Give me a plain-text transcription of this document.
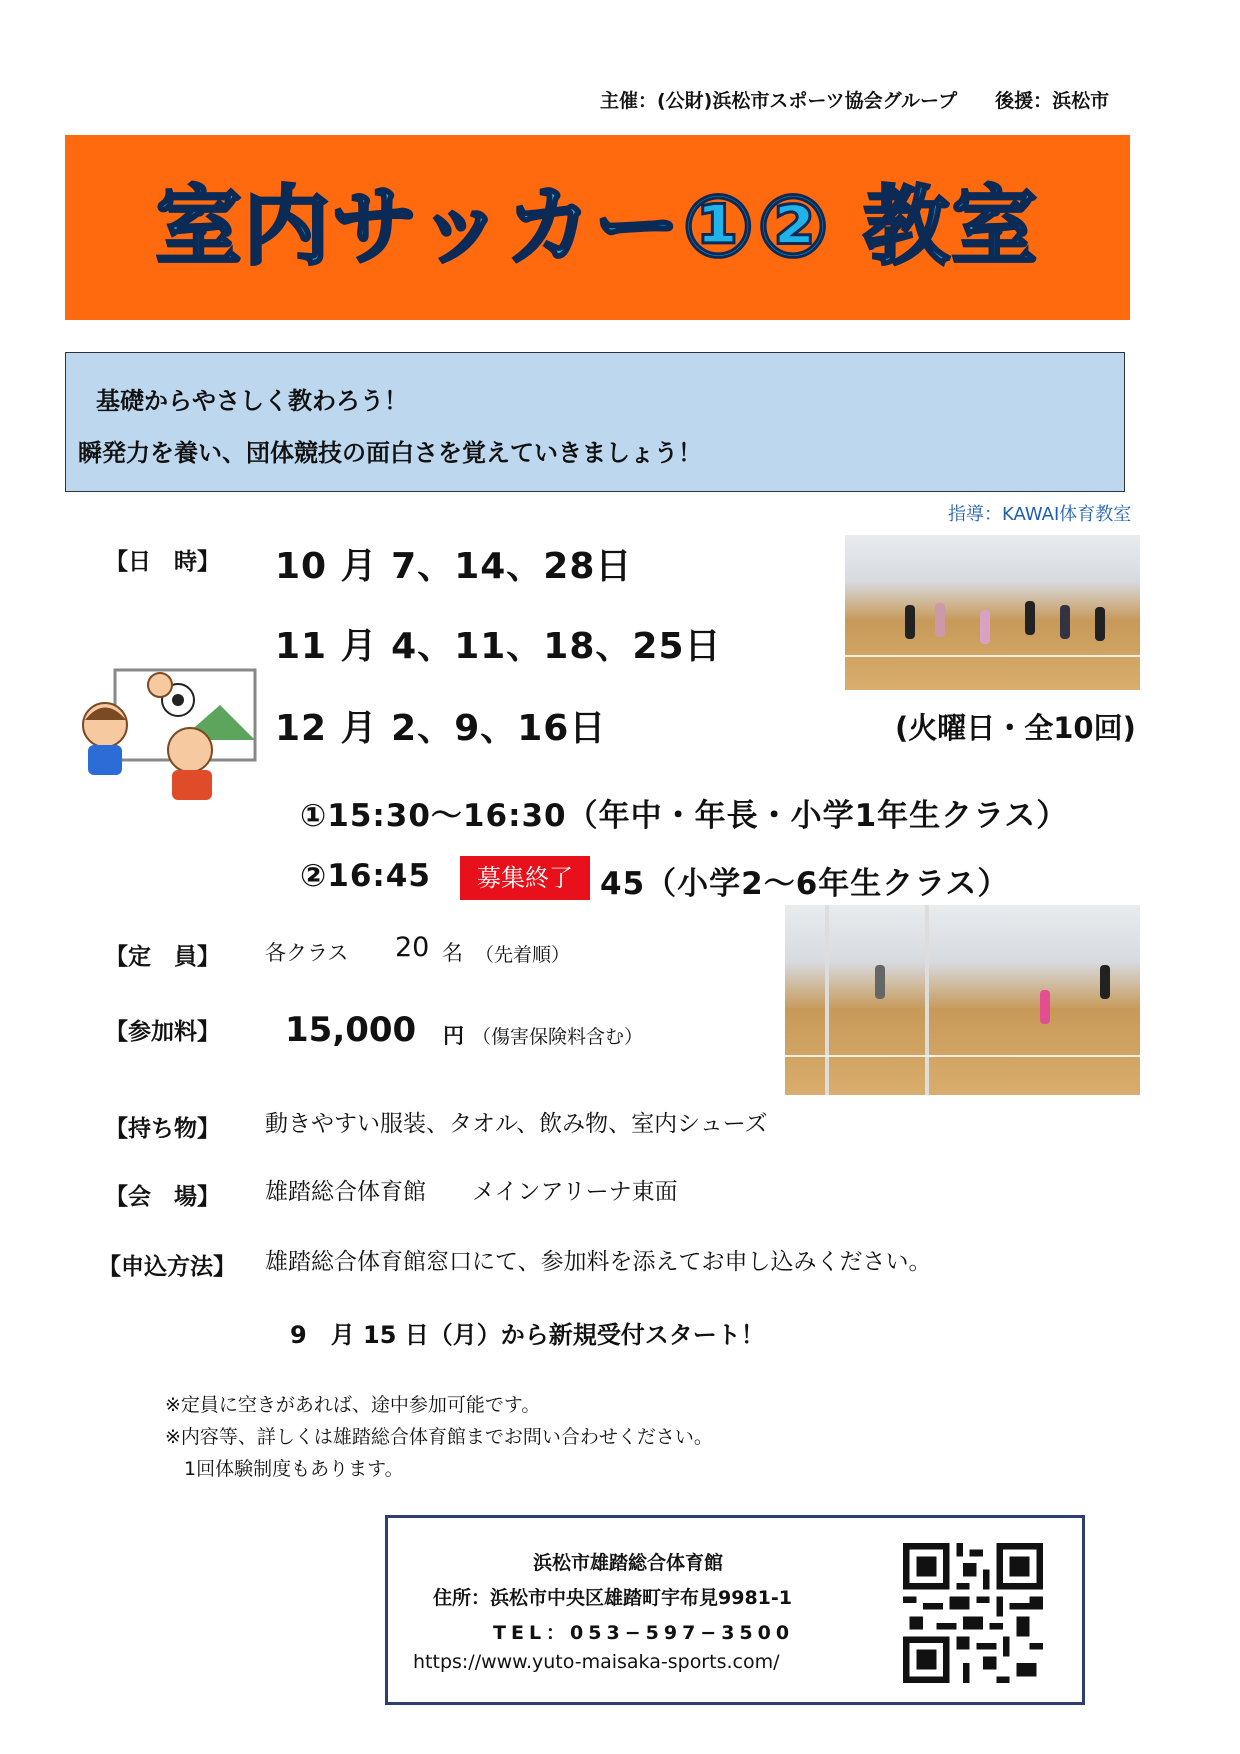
主催：(公財)浜松市スポーツ協会グループ　　後援：浜松市
室内サッカー①② 教室
基礎からやさしく教わろう！
瞬発力を養い、団体競技の面白さを覚えていきましょう！
指導：KAWAI体育教室
【日　時】 10 月 7、14、28日
11 月 4、11、18、25日
12 月 2、9、16日	(火曜日・全10回)
①15:30〜16:30（年中・年長・小学1年生クラス）
②16:45	募集終了 45（小学2〜6年生クラス）
【定　員】 各クラス 20 名 （先着順）
【参加料】 15,000 円 （傷害保険料含む）
【持ち物】 動きやすい服装、タオル、飲み物、室内シューズ
【会　場】 雄踏総合体育館　　メインアリーナ東面
【申込方法】 雄踏総合体育館窓口にて、参加料を添えてお申し込みください。
9　月 15 日（月）から新規受付スタート！
※定員に空きがあれば、途中参加可能です。
※内容等、詳しくは雄踏総合体育館までお問い合わせください。
　1回体験制度もあります。
浜松市雄踏総合体育館
住所：浜松市中央区雄踏町宇布見9981-1
TEL：053−597−3500
https://www.yuto-maisaka-sports.com/
